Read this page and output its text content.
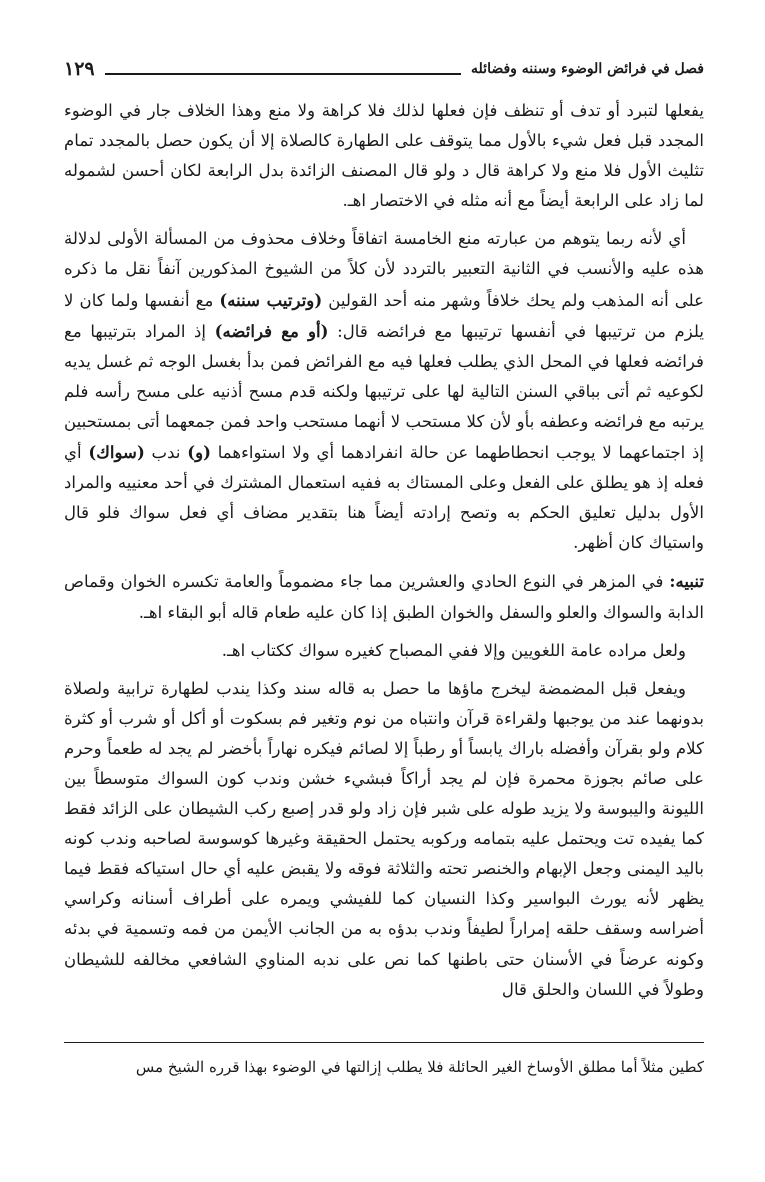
فصل في فرائض الوضوء وسننه وفضائله
١٢٩

يفعلها لتبرد أو تدف أو تنظف فإن فعلها لذلك فلا كراهة ولا منع وهذا الخلاف جار في الوضوء المجدد قبل فعل شيء بالأول مما يتوقف على الطهارة كالصلاة إلا أن يكون حصل بالمجدد تمام تثليث الأول فلا منع ولا كراهة قال د ولو قال المصنف الزائدة بدل الرابعة لكان أحسن لشموله لما زاد على الرابعة أيضاً مع أنه مثله في الاختصار اهـ.

أي لأنه ربما يتوهم من عبارته منع الخامسة اتفاقاً وخلاف محذوف من المسألة الأولى لدلالة هذه عليه والأنسب في الثانية التعبير بالتردد لأن كلاً من الشيوخ المذكورين آنفاً نقل ما ذكره على أنه المذهب ولم يحك خلافاً وشهر منه أحد القولين (وترتيب سننه) مع أنفسها ولما كان لا يلزم من ترتيبها في أنفسها ترتيبها مع فرائضه قال: (أو مع فرائضه) إذ المراد بترتيبها مع فرائضه فعلها في المحل الذي يطلب فعلها فيه مع الفرائض فمن بدأ بغسل الوجه ثم غسل يديه لكوعيه ثم أتى بباقي السنن التالية لها على ترتيبها ولكنه قدم مسح أذنيه على مسح رأسه فلم يرتبه مع فرائضه وعطفه بأو لأن كلا مستحب لا أنهما مستحب واحد فمن جمعهما أتى بمستحبين إذ اجتماعهما لا يوجب انحطاطهما عن حالة انفرادهما أي ولا استواءهما (و) ندب (سواك) أي فعله إذ هو يطلق على الفعل وعلى المستاك به ففيه استعمال المشترك في أحد معنييه والمراد الأول بدليل تعليق الحكم به وتصح إرادته أيضاً هنا بتقدير مضاف أي فعل سواك فلو قال واستياك كان أظهر.

تنبيه: في المزهر في النوع الحادي والعشرين مما جاء مضموماً والعامة تكسره الخوان وقماص الدابة والسواك والعلو والسفل والخوان الطبق إذا كان عليه طعام قاله أبو البقاء اهـ.

ولعل مراده عامة اللغويين وإلا ففي المصباح كغيره سواك ككتاب اهـ.

ويفعل قبل المضمضة ليخرج ماؤها ما حصل به قاله سند وكذا يندب لطهارة ترابية ولصلاة بدونهما عند من يوجبها ولقراءة قرآن وانتباه من نوم وتغير فم بسكوت أو أكل أو شرب أو كثرة كلام ولو بقرآن وأفضله باراك يابساً أو رطباً إلا لصائم فيكره نهاراً بأخضر لم يجد له طعماً وحرم على صائم بجوزة محمرة فإن لم يجد أراكاً فبشيء خشن وندب كون السواك متوسطاً بين الليونة واليبوسة ولا يزيد طوله على شبر فإن زاد ولو قدر إصبع ركب الشيطان على الزائد فقط كما يفيده تت ويحتمل عليه بتمامه وركوبه يحتمل الحقيقة وغيرها كوسوسة لصاحبه وندب كونه باليد اليمنى وجعل الإبهام والخنصر تحته والثلاثة فوقه ولا يقبض عليه أي حال استياكه فقط فيما يظهر لأنه يورث البواسير وكذا النسيان كما للفيشي ويمره على أطراف أسنانه وكراسي أضراسه وسقف حلقه إمراراً لطيفاً وندب بدؤه به من الجانب الأيمن من فمه وتسمية في بدئه وكونه عرضاً في الأسنان حتى باطنها كما نص على ندبه المناوي الشافعي مخالفه للشيطان وطولاً في اللسان والحلق قال

كطين مثلاً أما مطلق الأوساخ الغير الحائلة فلا يطلب إزالتها في الوضوء بهذا قرره الشيخ مس
